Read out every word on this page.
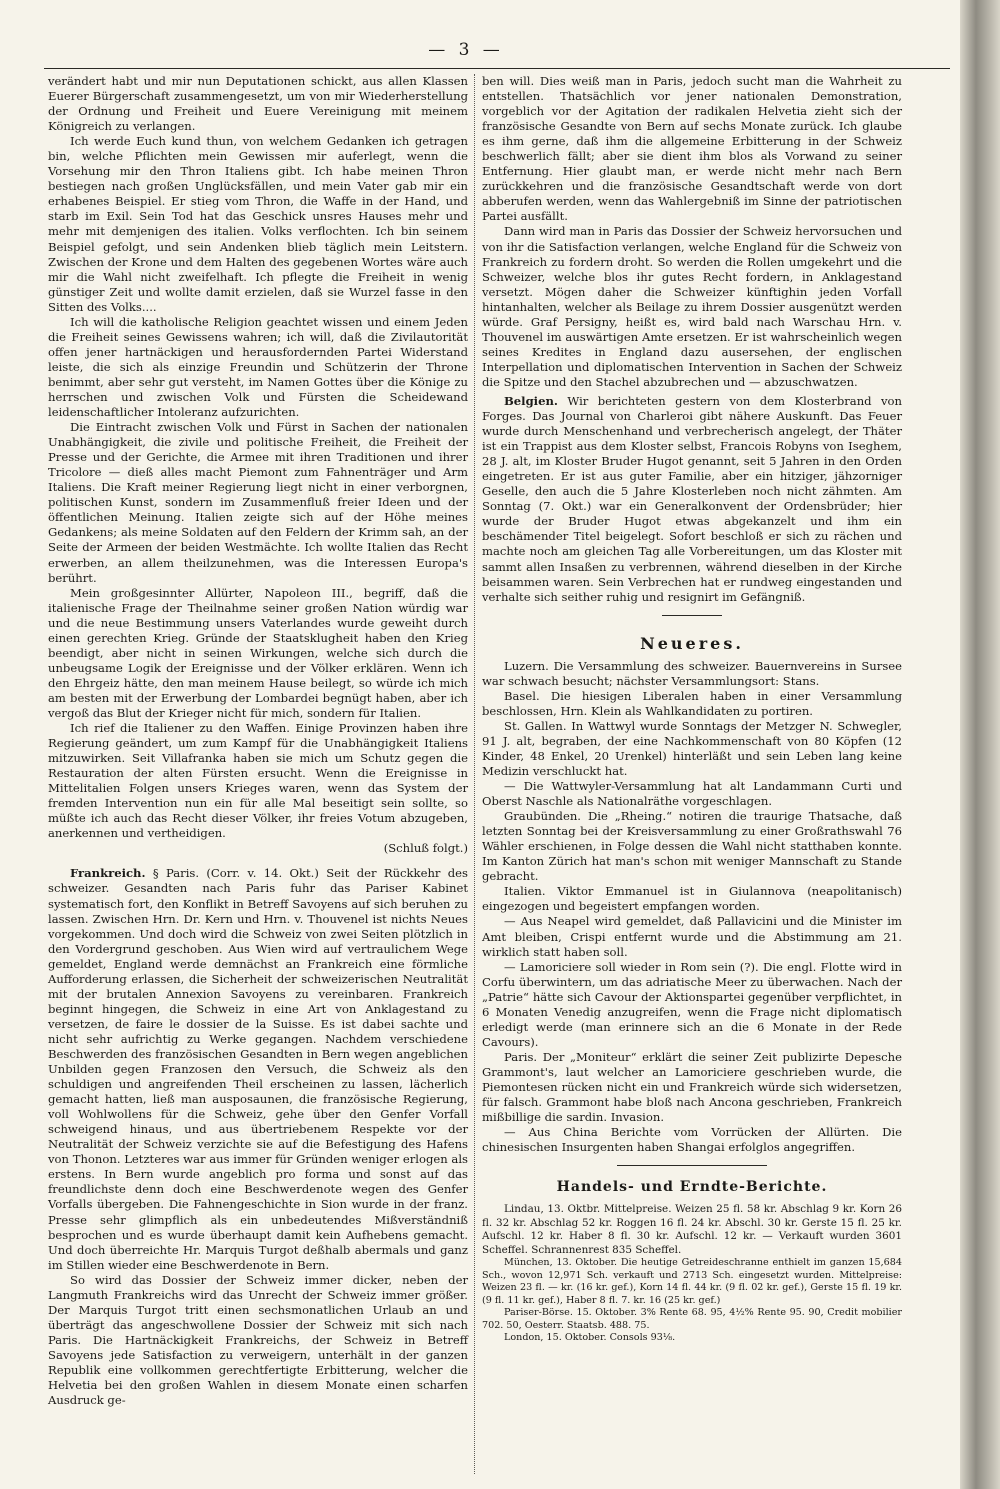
— 3 —

verändert habt und mir nun Deputationen schickt, aus allen Klassen Euerer Bürgerschaft zusammengesetzt, um von mir Wiederherstellung der Ordnung und Freiheit und Euere Vereinigung mit meinem Königreich zu verlangen.

Ich werde Euch kund thun, von welchem Gedanken ich getragen bin, welche Pflichten mein Gewissen mir auferlegt, wenn die Vorsehung mir den Thron Italiens gibt. Ich habe meinen Thron bestiegen nach großen Unglücksfällen, und mein Vater gab mir ein erhabenes Beispiel. Er stieg vom Thron, die Waffe in der Hand, und starb im Exil. Sein Tod hat das Geschick unsres Hauses mehr und mehr mit demjenigen des italien. Volks verflochten. Ich bin seinem Beispiel gefolgt, und sein Andenken blieb täglich mein Leitstern. Zwischen der Krone und dem Halten des gegebenen Wortes wäre auch mir die Wahl nicht zweifelhaft. Ich pflegte die Freiheit in wenig günstiger Zeit und wollte damit erzielen, daß sie Wurzel fasse in den Sitten des Volks....

Ich will die katholische Religion geachtet wissen und einem Jeden die Freiheit seines Gewissens wahren; ich will, daß die Zivilautorität offen jener hartnäckigen und herausfordernden Partei Widerstand leiste, die sich als einzige Freundin und Schützerin der Throne benimmt, aber sehr gut versteht, im Namen Gottes über die Könige zu herrschen und zwischen Volk und Fürsten die Scheidewand leidenschaftlicher Intoleranz aufzurichten.

Die Eintracht zwischen Volk und Fürst in Sachen der nationalen Unabhängigkeit, die zivile und politische Freiheit, die Freiheit der Presse und der Gerichte, die Armee mit ihren Traditionen und ihrer Tricolore — dieß alles macht Piemont zum Fahnenträger und Arm Italiens. Die Kraft meiner Regierung liegt nicht in einer verborgnen, politischen Kunst, sondern im Zusammenfluß freier Ideen und der öffentlichen Meinung. Italien zeigte sich auf der Höhe meines Gedankens; als meine Soldaten auf den Feldern der Krimm sah, an der Seite der Armeen der beiden Westmächte. Ich wollte Italien das Recht erwerben, an allem theilzunehmen, was die Interessen Europa's berührt.

Mein großgesinnter Allürter, Napoleon III., begriff, daß die italienische Frage der Theilnahme seiner großen Nation würdig war und die neue Bestimmung unsers Vaterlandes wurde geweiht durch einen gerechten Krieg. Gründe der Staatsklugheit haben den Krieg beendigt, aber nicht in seinen Wirkungen, welche sich durch die unbeugsame Logik der Ereignisse und der Völker erklären. Wenn ich den Ehrgeiz hätte, den man meinem Hause beilegt, so würde ich mich am besten mit der Erwerbung der Lombardei begnügt haben, aber ich vergoß das Blut der Krieger nicht für mich, sondern für Italien.

Ich rief die Italiener zu den Waffen. Einige Provinzen haben ihre Regierung geändert, um zum Kampf für die Unabhängigkeit Italiens mitzuwirken. Seit Villafranka haben sie mich um Schutz gegen die Restauration der alten Fürsten ersucht. Wenn die Ereignisse in Mittelitalien Folgen unsers Krieges waren, wenn das System der fremden Intervention nun ein für alle Mal beseitigt sein sollte, so müßte ich auch das Recht dieser Völker, ihr freies Votum abzugeben, anerkennen und vertheidigen.

(Schluß folgt.)

Frankreich. § Paris. (Corr. v. 14. Okt.) Seit der Rückkehr des schweizer. Gesandten nach Paris fuhr das Pariser Kabinet systematisch fort, den Konflikt in Betreff Savoyens auf sich beruhen zu lassen. Zwischen Hrn. Dr. Kern und Hrn. v. Thouvenel ist nichts Neues vorgekommen. Und doch wird die Schweiz von zwei Seiten plötzlich in den Vordergrund geschoben. Aus Wien wird auf vertraulichem Wege gemeldet, England werde demnächst an Frankreich eine förmliche Aufforderung erlassen, die Sicherheit der schweizerischen Neutralität mit der brutalen Annexion Savoyens zu vereinbaren. Frankreich beginnt hingegen, die Schweiz in eine Art von Anklagestand zu versetzen, de faire le dossier de la Suisse. Es ist dabei sachte und nicht sehr aufrichtig zu Werke gegangen. Nachdem verschiedene Beschwerden des französischen Gesandten in Bern wegen angeblichen Unbilden gegen Franzosen den Versuch, die Schweiz als den schuldigen und angreifenden Theil erscheinen zu lassen, lächerlich gemacht hatten, ließ man ausposaunen, die französische Regierung, voll Wohlwollens für die Schweiz, gehe über den Genfer Vorfall schweigend hinaus, und aus übertriebenem Respekte vor der Neutralität der Schweiz verzichte sie auf die Befestigung des Hafens von Thonon. Letzteres war aus immer für Gründen weniger erlogen als erstens. In Bern wurde angeblich pro forma und sonst auf das freundlichste denn doch eine Beschwerdenote wegen des Genfer Vorfalls übergeben. Die Fahnengeschichte in Sion wurde in der franz. Presse sehr glimpflich als ein unbedeutendes Mißverständniß besprochen und es wurde überhaupt damit kein Aufhebens gemacht. Und doch überreichte Hr. Marquis Turgot deßhalb abermals und ganz im Stillen wieder eine Beschwerdenote in Bern.

So wird das Dossier der Schweiz immer dicker, neben der Langmuth Frankreichs wird das Unrecht der Schweiz immer größer. Der Marquis Turgot tritt einen sechsmonatlichen Urlaub an und überträgt das angeschwollene Dossier der Schweiz mit sich nach Paris. Die Hartnäckigkeit Frankreichs, der Schweiz in Betreff Savoyens jede Satisfaction zu verweigern, unterhält in der ganzen Republik eine vollkommen gerechtfertigte Erbitterung, welcher die Helvetia bei den großen Wahlen in diesem Monate einen scharfen Ausdruck ge-

ben will. Dies weiß man in Paris, jedoch sucht man die Wahrheit zu entstellen. Thatsächlich vor jener nationalen Demonstration, vorgeblich vor der Agitation der radikalen Helvetia zieht sich der französische Gesandte von Bern auf sechs Monate zurück. Ich glaube es ihm gerne, daß ihm die allgemeine Erbitterung in der Schweiz beschwerlich fällt; aber sie dient ihm blos als Vorwand zu seiner Entfernung. Hier glaubt man, er werde nicht mehr nach Bern zurückkehren und die französische Gesandtschaft werde von dort abberufen werden, wenn das Wahlergebniß im Sinne der patriotischen Partei ausfällt.

Dann wird man in Paris das Dossier der Schweiz hervorsuchen und von ihr die Satisfaction verlangen, welche England für die Schweiz von Frankreich zu fordern droht. So werden die Rollen umgekehrt und die Schweizer, welche blos ihr gutes Recht fordern, in Anklagestand versetzt. Mögen daher die Schweizer künftighin jeden Vorfall hintanhalten, welcher als Beilage zu ihrem Dossier ausgenützt werden würde. Graf Persigny, heißt es, wird bald nach Warschau Hrn. v. Thouvenel im auswärtigen Amte ersetzen. Er ist wahrscheinlich wegen seines Kredites in England dazu ausersehen, der englischen Interpellation und diplomatischen Intervention in Sachen der Schweiz die Spitze und den Stachel abzubrechen und — abzuschwatzen.

Belgien. Wir berichteten gestern von dem Klosterbrand von Forges. Das Journal von Charleroi gibt nähere Auskunft. Das Feuer wurde durch Menschenhand und verbrecherisch angelegt, der Thäter ist ein Trappist aus dem Kloster selbst, Francois Robyns von Iseghem, 28 J. alt, im Kloster Bruder Hugot genannt, seit 5 Jahren in den Orden eingetreten. Er ist aus guter Familie, aber ein hitziger, jähzorniger Geselle, den auch die 5 Jahre Klosterleben noch nicht zähmten. Am Sonntag (7. Okt.) war ein Generalkonvent der Ordensbrüder; hier wurde der Bruder Hugot etwas abgekanzelt und ihm ein beschämender Titel beigelegt. Sofort beschloß er sich zu rächen und machte noch am gleichen Tag alle Vorbereitungen, um das Kloster mit sammt allen Insaßen zu verbrennen, während dieselben in der Kirche beisammen waren. Sein Verbrechen hat er rundweg eingestanden und verhalte sich seither ruhig und resignirt im Gefängniß.

Neueres.

Luzern. Die Versammlung des schweizer. Bauernvereins in Sursee war schwach besucht; nächster Versammlungsort: Stans.

Basel. Die hiesigen Liberalen haben in einer Versammlung beschlossen, Hrn. Klein als Wahlkandidaten zu portiren.

St. Gallen. In Wattwyl wurde Sonntags der Metzger N. Schwegler, 91 J. alt, begraben, der eine Nachkommenschaft von 80 Köpfen (12 Kinder, 48 Enkel, 20 Urenkel) hinterläßt und sein Leben lang keine Medizin verschluckt hat.

— Die Wattwyler-Versammlung hat alt Landammann Curti und Oberst Naschle als Nationalräthe vorgeschlagen.

Graubünden. Die „Rheing.“ notiren die traurige Thatsache, daß letzten Sonntag bei der Kreisversammlung zu einer Großrathswahl 76 Wähler erschienen, in Folge dessen die Wahl nicht statthaben konnte. Im Kanton Zürich hat man's schon mit weniger Mannschaft zu Stande gebracht.

Italien. Viktor Emmanuel ist in Giulannova (neapolitanisch) eingezogen und begeistert empfangen worden.

— Aus Neapel wird gemeldet, daß Pallavicini und die Minister im Amt bleiben, Crispi entfernt wurde und die Abstimmung am 21. wirklich statt haben soll.

— Lamoriciere soll wieder in Rom sein (?). Die engl. Flotte wird in Corfu überwintern, um das adriatische Meer zu überwachen. Nach der „Patrie“ hätte sich Cavour der Aktionspartei gegenüber verpflichtet, in 6 Monaten Venedig anzugreifen, wenn die Frage nicht diplomatisch erledigt werde (man erinnere sich an die 6 Monate in der Rede Cavours).

Paris. Der „Moniteur“ erklärt die seiner Zeit publizirte Depesche Grammont's, laut welcher an Lamoriciere geschrieben wurde, die Piemontesen rücken nicht ein und Frankreich würde sich widersetzen, für falsch. Grammont habe bloß nach Ancona geschrieben, Frankreich mißbillige die sardin. Invasion.

— Aus China Berichte vom Vorrücken der Allürten. Die chinesischen Insurgenten haben Shangai erfolglos angegriffen.

Handels- und Erndte-Berichte.

Lindau, 13. Oktbr. Mittelpreise. Weizen 25 fl. 58 kr. Abschlag 9 kr. Korn 26 fl. 32 kr. Abschlag 52 kr. Roggen 16 fl. 24 kr. Abschl. 30 kr. Gerste 15 fl. 25 kr. Aufschl. 12 kr. Haber 8 fl. 30 kr. Aufschl. 12 kr. — Verkauft wurden 3601 Scheffel. Schrannenrest 835 Scheffel.

München, 13. Oktober. Die heutige Getreideschranne enthielt im ganzen 15,684 Sch., wovon 12,971 Sch. verkauft und 2713 Sch. eingesetzt wurden. Mittelpreise: Weizen 23 fl. — kr. (16 kr. gef.), Korn 14 fl. 44 kr. (9 fl. 02 kr. gef.), Gerste 15 fl. 19 kr. (9 fl. 11 kr. gef.), Haber 8 fl. 7. kr. 16 (25 kr. gef.)

Pariser-Börse. 15. Oktober. 3% Rente 68. 95, 4½% Rente 95. 90, Credit mobilier 702. 50, Oesterr. Staatsb. 488. 75.

London, 15. Oktober. Consols 93⅛.
